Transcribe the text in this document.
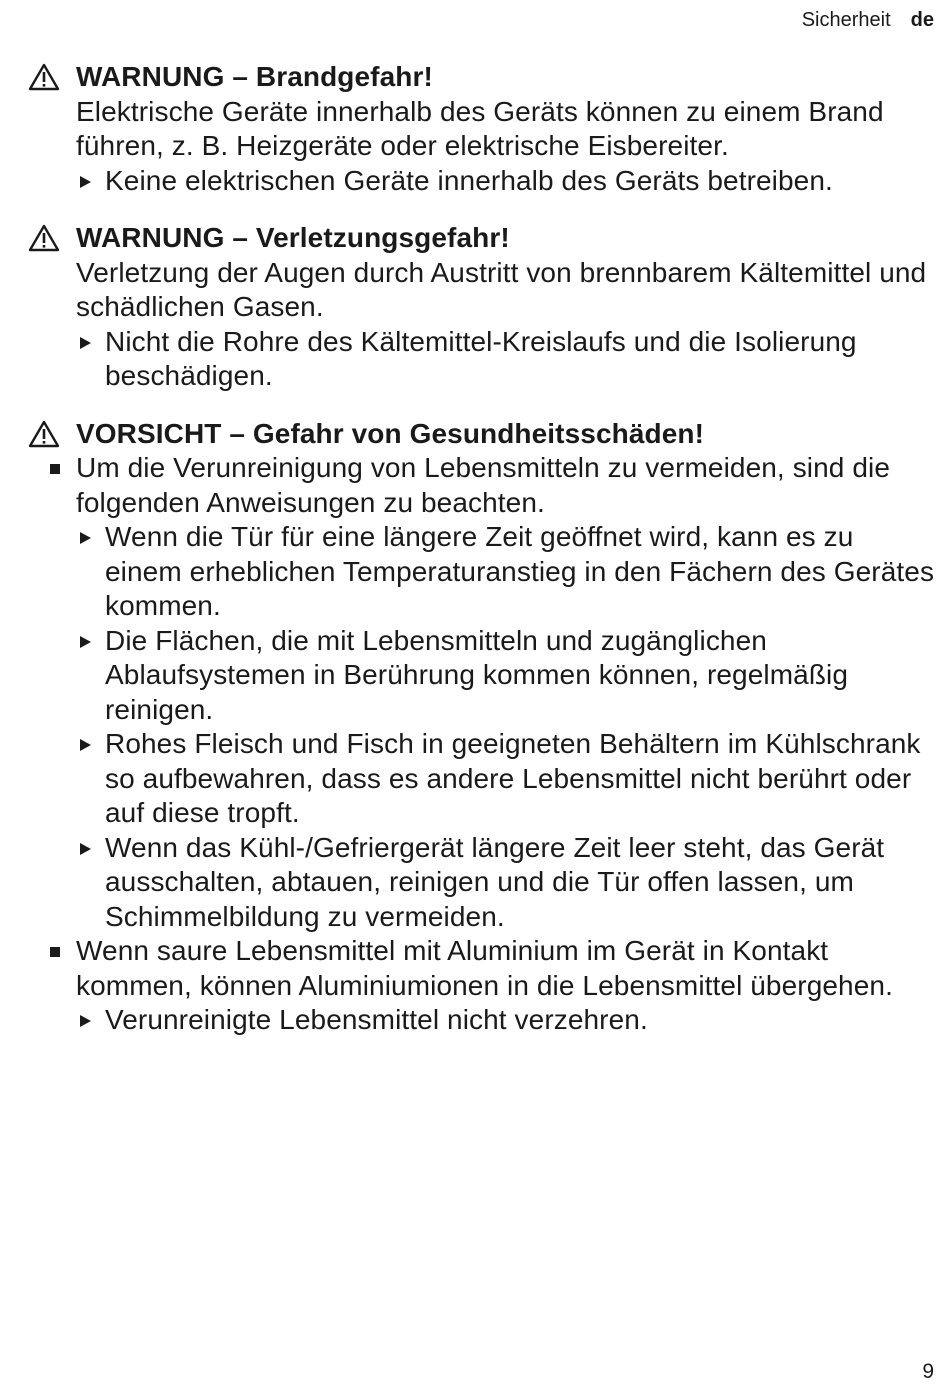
Sicherheit de

WARNUNG – Brandgefahr!

Elektrische Geräte innerhalb des Geräts können zu einem Brand führen, z. B. Heizgeräte oder elektrische Eisbereiter.

Keine elektrischen Geräte innerhalb des Geräts betreiben.

WARNUNG – Verletzungsgefahr!

Verletzung der Augen durch Austritt von brennbarem Kältemittel und schädlichen Gasen.

Nicht die Rohre des Kältemittel-Kreislaufs und die Isolierung beschädigen.

VORSICHT – Gefahr von Gesundheitsschäden!

Um die Verunreinigung von Lebensmitteln zu vermeiden, sind die folgenden Anweisungen zu beachten.

Wenn die Tür für eine längere Zeit geöffnet wird, kann es zu einem erheblichen Temperaturanstieg in den Fächern des Gerätes kommen.

Die Flächen, die mit Lebensmitteln und zugänglichen Ablaufsystemen in Berührung kommen können, regelmäßig reinigen.

Rohes Fleisch und Fisch in geeigneten Behältern im Kühlschrank so aufbewahren, dass es andere Lebensmittel nicht berührt oder auf diese tropft.

Wenn das Kühl-/Gefriergerät längere Zeit leer steht, das Gerät ausschalten, abtauen, reinigen und die Tür offen lassen, um Schimmelbildung zu vermeiden.

Wenn saure Lebensmittel mit Aluminium im Gerät in Kontakt kommen, können Aluminiumionen in die Lebensmittel übergehen.

Verunreinigte Lebensmittel nicht verzehren.

9
